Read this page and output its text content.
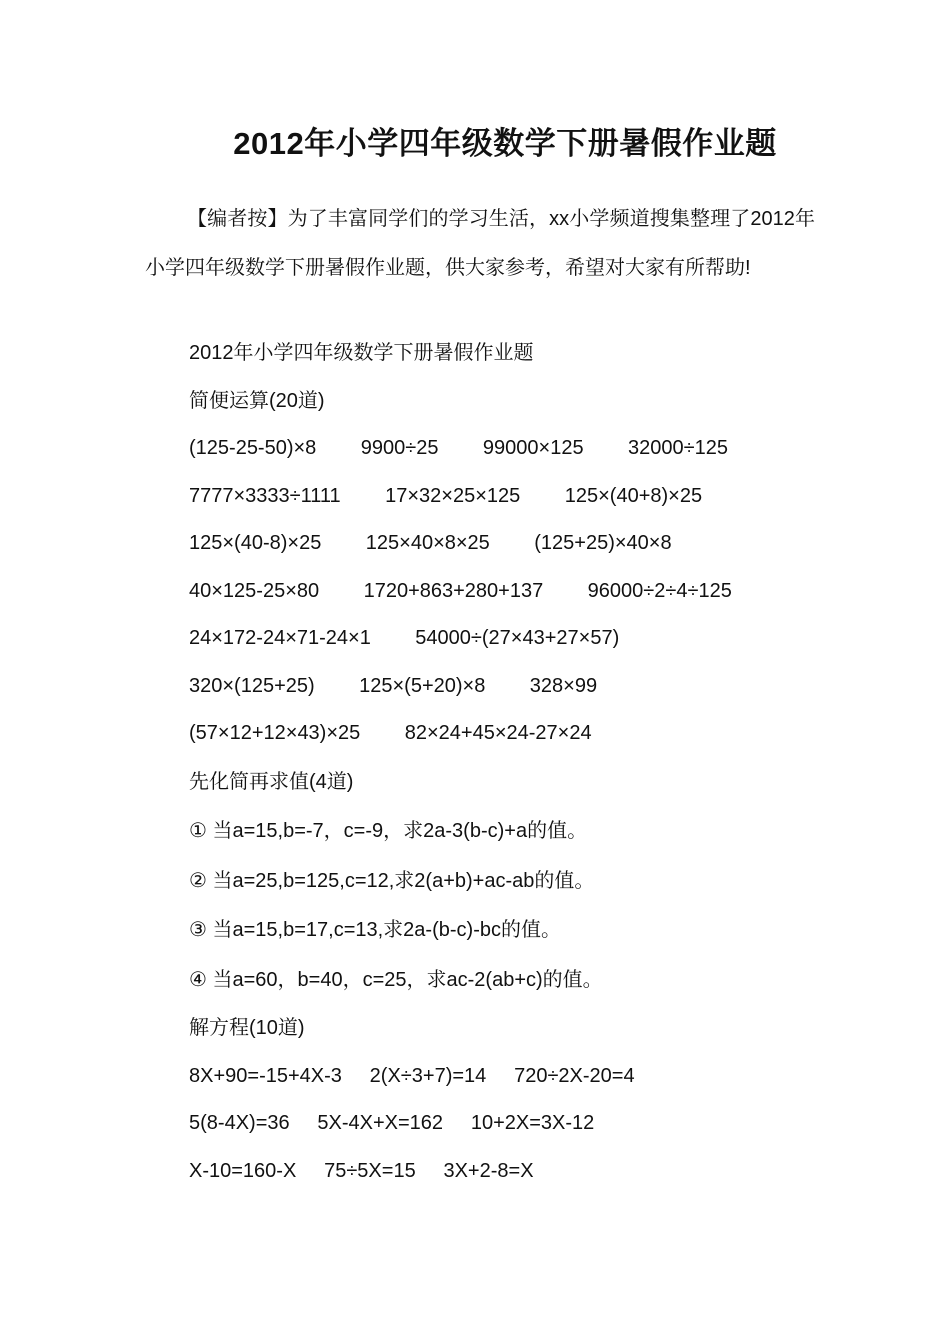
2012年小学四年级数学下册暑假作业题
【编者按】为了丰富同学们的学习生活，xx小学频道搜集整理了2012年小学四年级数学下册暑假作业题，供大家参考，希望对大家有所帮助!
2012年小学四年级数学下册暑假作业题
简便运算(20道)
(125-25-50)×8        9900÷25        99000×125        32000÷125
7777×3333÷1111        17×32×25×125        125×(40+8)×25
125×(40-8)×25        125×40×8×25        (125+25)×40×8
40×125-25×80        1720+863+280+137        96000÷2÷4÷125
24×172-24×71-24×1        54000÷(27×43+27×57)
320×(125+25)        125×(5+20)×8        328×99
(57×12+12×43)×25        82×24+45×24-27×24
先化简再求值(4道)
① 当a=15,b=-7，c=-9，求2a-3(b-c)+a的值。
② 当a=25,b=125,c=12,求2(a+b)+ac-ab的值。
③ 当a=15,b=17,c=13,求2a-(b-c)-bc的值。
④ 当a=60，b=40，c=25，求ac-2(ab+c)的值。
解方程(10道)
8X+90=-15+4X-3     2(X÷3+7)=14     720÷2X-20=4
5(8-4X)=36     5X-4X+X=162     10+2X=3X-12
X-10=160-X     75÷5X=15     3X+2-8=X
